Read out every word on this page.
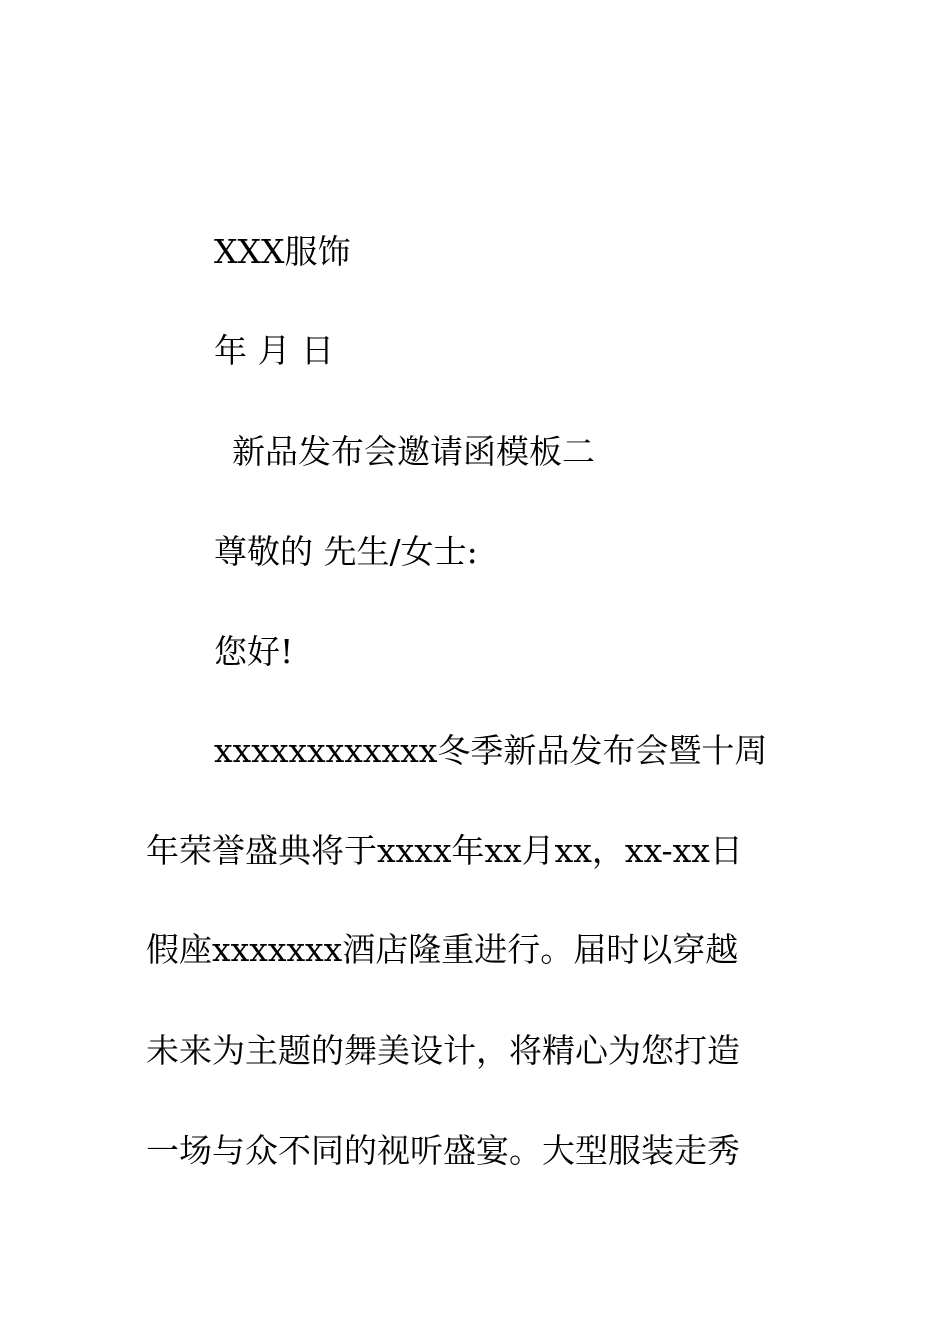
XXX服饰
年 月 日
新品发布会邀请函模板二
尊敬的 先生/女士:
您好!
xxxxxxxxxxxx冬季新品发布会暨十周
年荣誉盛典将于xxxx年xx月xx，xx-xx日
假座xxxxxxx酒店隆重进行。届时以穿越
未来为主题的舞美设计，将精心为您打造
一场与众不同的视听盛宴。大型服装走秀
